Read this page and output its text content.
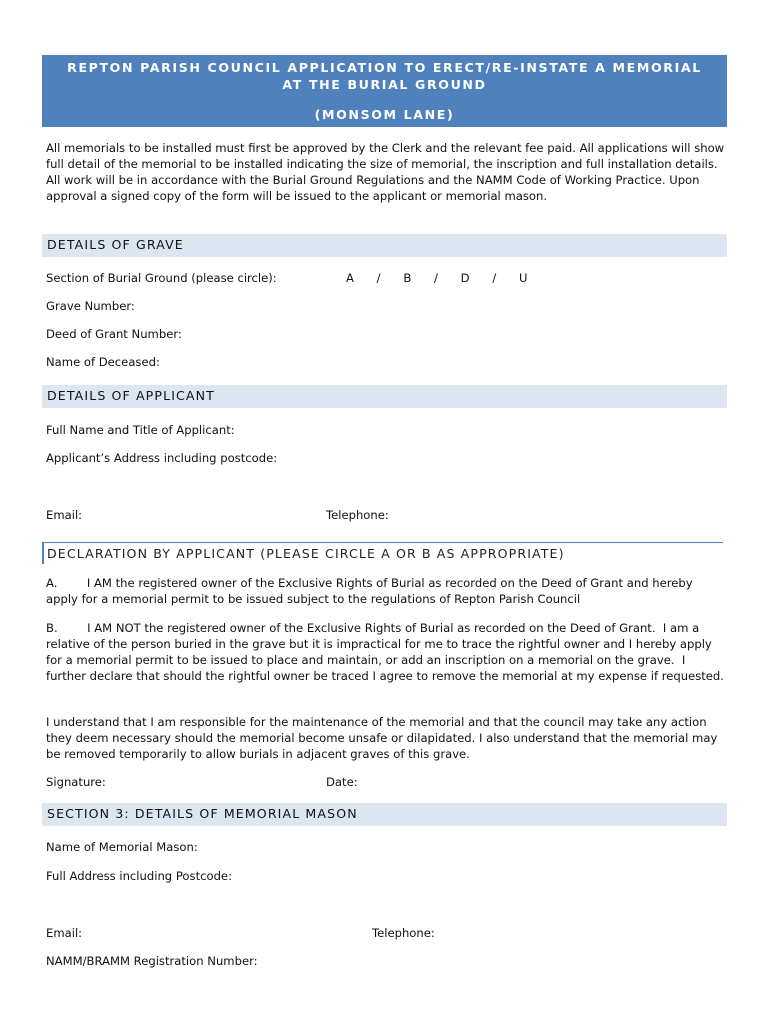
REPTON PARISH COUNCIL APPLICATION TO ERECT/RE-INSTATE A MEMORIAL
AT THE BURIAL GROUND
(MONSOM LANE)

All memorials to be installed must first be approved by the Clerk and the relevant fee paid. All applications will show full detail of the memorial to be installed indicating the size of memorial, the inscription and full installation details. All work will be in accordance with the Burial Ground Regulations and the NAMM Code of Working Practice. Upon approval a signed copy of the form will be issued to the applicant or memorial mason.

DETAILS OF GRAVE
Section of Burial Ground (please circle):	A    /    B    /    D    /    U
Grave Number:
Deed of Grant Number:
Name of Deceased:
DETAILS OF APPLICANT
Full Name and Title of Applicant:
Applicant’s Address including postcode:
Email:	Telephone:
DECLARATION BY APPLICANT (PLEASE CIRCLE A OR B AS APPROPRIATE)

A.        I AM the registered owner of the Exclusive Rights of Burial as recorded on the Deed of Grant and hereby apply for a memorial permit to be issued subject to the regulations of Repton Parish Council

B.        I AM NOT the registered owner of the Exclusive Rights of Burial as recorded on the Deed of Grant.  I am a relative of the person buried in the grave but it is impractical for me to trace the rightful owner and I hereby apply for a memorial permit to be issued to place and maintain, or add an inscription on a memorial on the grave.  I further declare that should the rightful owner be traced I agree to remove the memorial at my expense if requested.

I understand that I am responsible for the maintenance of the memorial and that the council may take any action they deem necessary should the memorial become unsafe or dilapidated. I also understand that the memorial may be removed temporarily to allow burials in adjacent graves of this grave.

Signature:	Date:
SECTION 3: DETAILS OF MEMORIAL MASON
Name of Memorial Mason:
Full Address including Postcode:
Email:	Telephone:
NAMM/BRAMM Registration Number:
